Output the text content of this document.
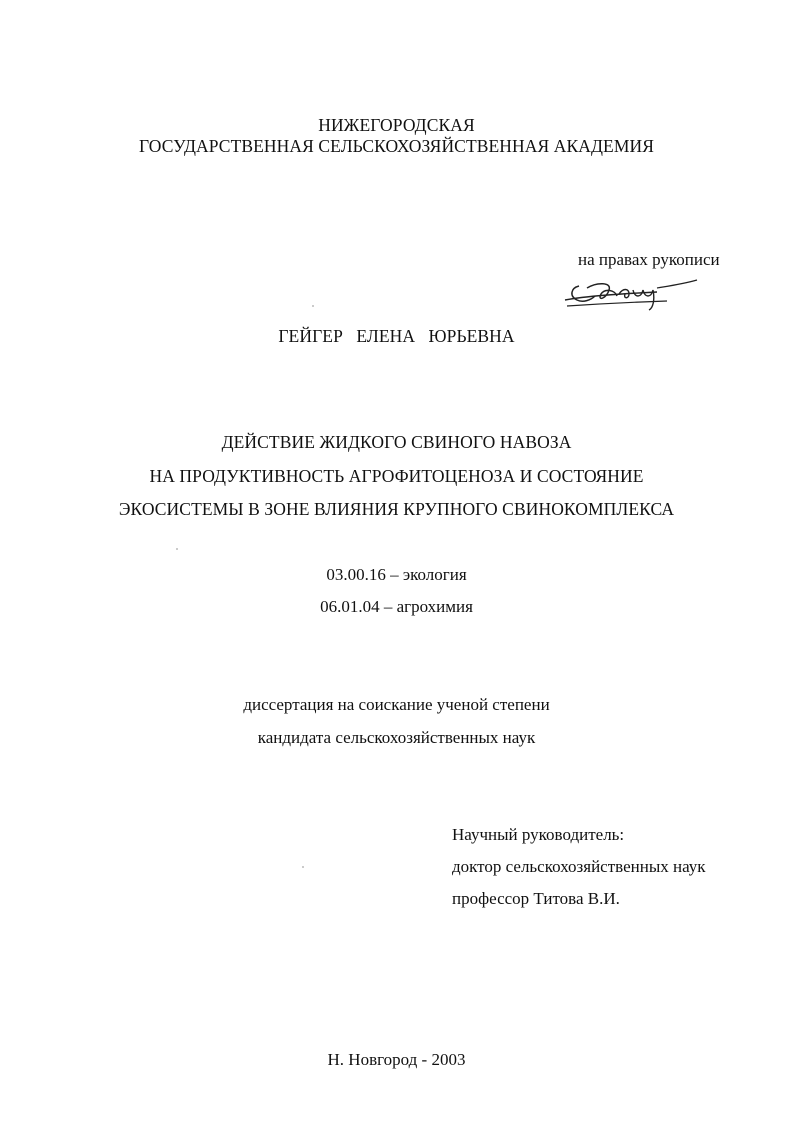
НИЖЕГОРОДСКАЯ
ГОСУДАРСТВЕННАЯ СЕЛЬСКОХОЗЯЙСТВЕННАЯ АКАДЕМИЯ
на правах рукописи
ГЕЙГЕР   ЕЛЕНА   ЮРЬЕВНА
ДЕЙСТВИЕ ЖИДКОГО СВИНОГО НАВОЗА
НА ПРОДУКТИВНОСТЬ АГРОФИТОЦЕНОЗА И СОСТОЯНИЕ
ЭКОСИСТЕМЫ В ЗОНЕ ВЛИЯНИЯ КРУПНОГО СВИНОКОМПЛЕКСА
03.00.16 – экология
06.01.04 – агрохимия
диссертация на соискание ученой степени
кандидата сельскохозяйственных наук
Научный руководитель:
доктор сельскохозяйственных наук
профессор Титова В.И.
Н. Новгород - 2003
